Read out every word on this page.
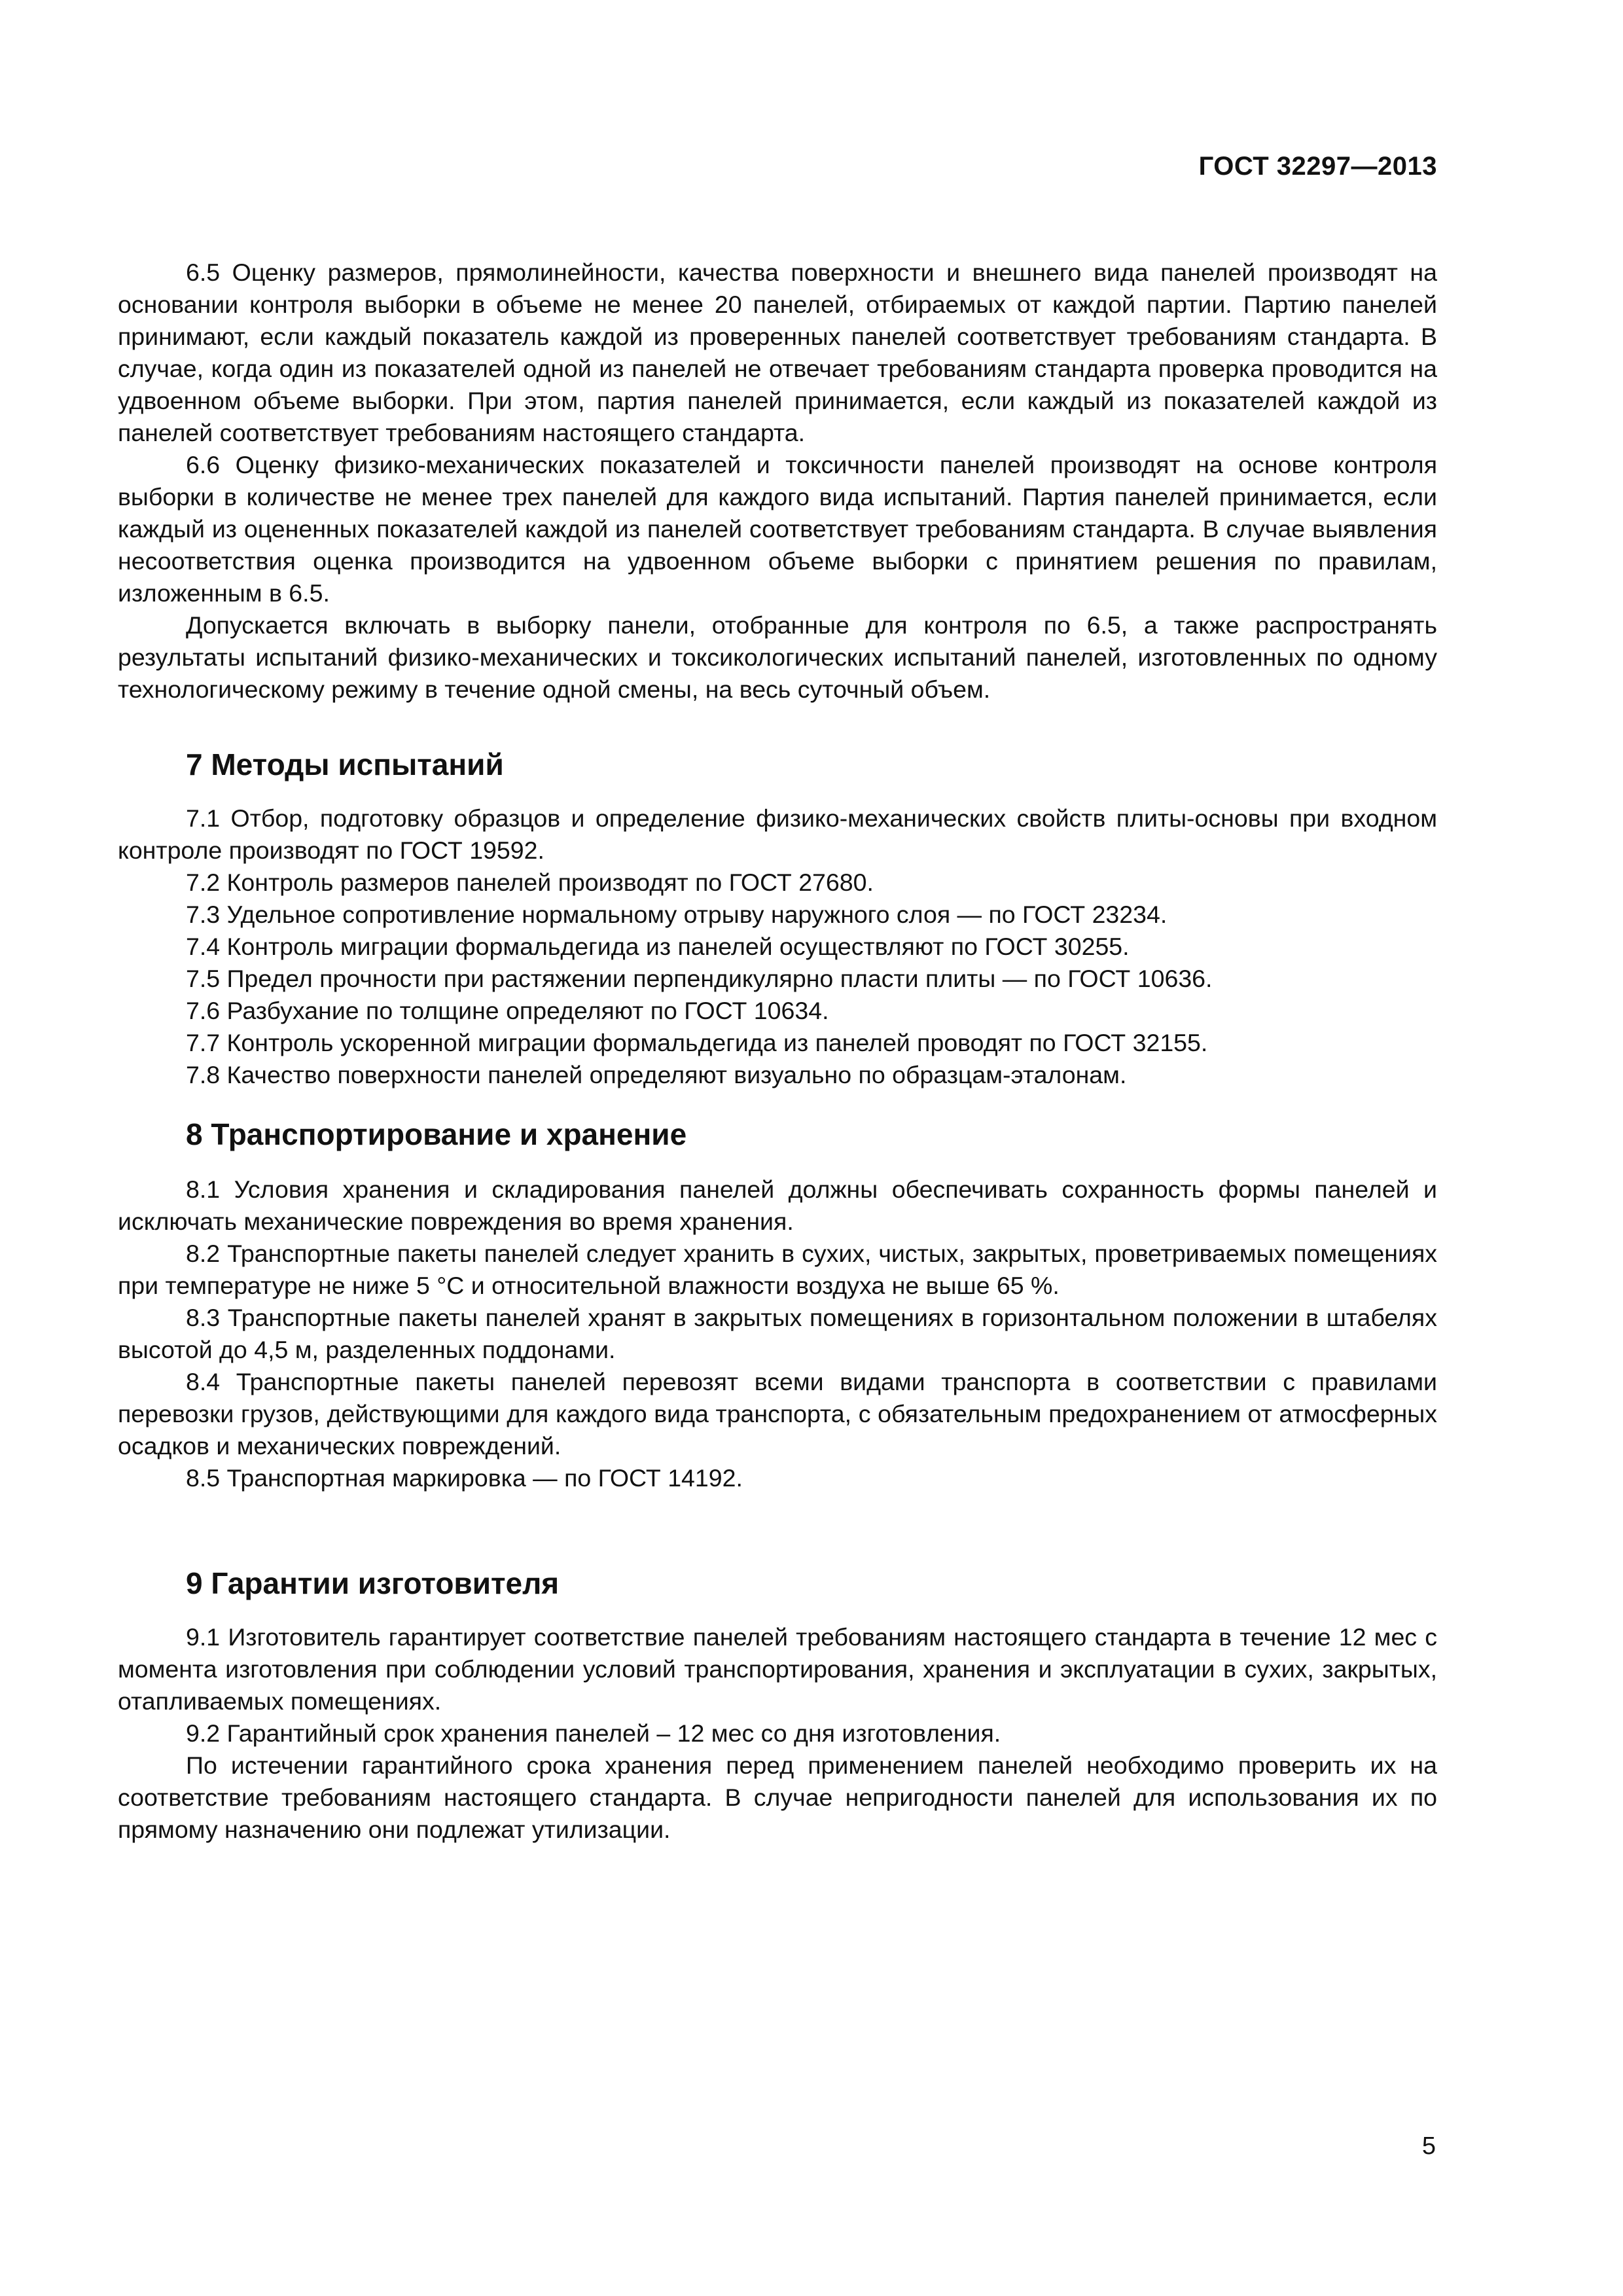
ГОСТ 32297—2013

6.5 Оценку размеров, прямолинейности, качества поверхности и внешнего вида панелей производят на основании контроля выборки в объеме не менее 20 панелей, отбираемых от каждой партии. Партию панелей принимают, если каждый показатель каждой из проверенных панелей соответствует требованиям стандарта. В случае, когда один из показателей одной из панелей не отвечает требованиям стандарта проверка проводится на удвоенном объеме выборки. При этом, партия панелей принимается, если каждый из показателей каждой из панелей соответствует требованиям настоящего стандарта.

6.6 Оценку физико-механических показателей и токсичности панелей производят на основе контроля выборки в количестве не менее трех панелей для каждого вида испытаний. Партия панелей принимается, если каждый из оцененных показателей каждой из панелей соответствует требованиям стандарта. В случае выявления несоответствия оценка производится на удвоенном объеме выборки с принятием решения по правилам, изложенным в 6.5.

Допускается включать в выборку панели, отобранные для контроля по 6.5, а также распространять результаты испытаний физико-механических и токсикологических испытаний панелей, изготовленных по одному технологическому режиму в течение одной смены, на весь суточный объем.

7 Методы испытаний

7.1 Отбор, подготовку образцов и определение физико-механических свойств плиты-основы при входном контроле производят по ГОСТ 19592.

7.2 Контроль размеров панелей производят по ГОСТ 27680.

7.3 Удельное сопротивление нормальному отрыву наружного слоя — по ГОСТ 23234.

7.4 Контроль миграции формальдегида из панелей осуществляют по ГОСТ 30255.

7.5 Предел прочности при растяжении перпендикулярно пласти плиты — по ГОСТ 10636.

7.6 Разбухание по толщине определяют по ГОСТ 10634.

7.7 Контроль ускоренной миграции формальдегида из панелей проводят по ГОСТ 32155.

7.8 Качество поверхности панелей определяют визуально по образцам-эталонам.

8 Транспортирование и хранение

8.1 Условия хранения и складирования панелей должны обеспечивать сохранность формы панелей и исключать механические повреждения во время хранения.

8.2 Транспортные пакеты панелей следует хранить в сухих, чистых, закрытых, проветриваемых помещениях при температуре не ниже 5 °С и относительной влажности воздуха не выше 65 %.

8.3 Транспортные пакеты панелей хранят в закрытых помещениях в горизонтальном положении в штабелях высотой до 4,5 м, разделенных поддонами.

8.4 Транспортные пакеты панелей перевозят всеми видами транспорта в соответствии с правилами перевозки грузов, действующими для каждого вида транспорта, с обязательным предохранением от атмосферных осадков и механических повреждений.

8.5 Транспортная маркировка — по ГОСТ 14192.

9 Гарантии изготовителя

9.1 Изготовитель гарантирует соответствие панелей требованиям настоящего стандарта в течение 12 мес с момента изготовления при соблюдении условий транспортирования, хранения и эксплуатации в сухих, закрытых, отапливаемых помещениях.

9.2 Гарантийный срок хранения панелей – 12 мес со дня изготовления.

По истечении гарантийного срока хранения перед применением панелей необходимо проверить их на соответствие требованиям настоящего стандарта. В случае непригодности панелей для использования их по прямому назначению они подлежат утилизации.

5
